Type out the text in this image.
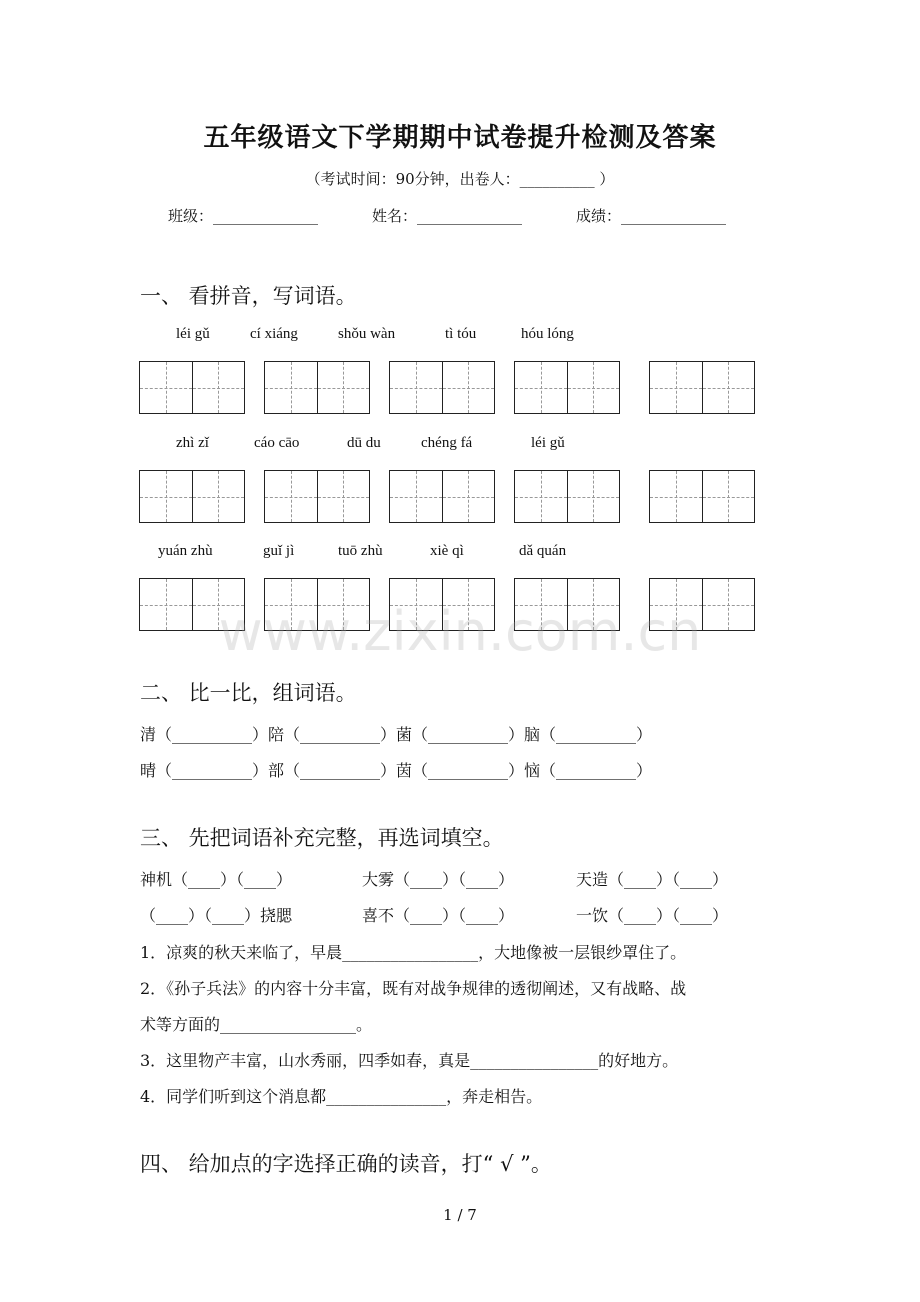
五年级语文下学期期中试卷提升检测及答案
（考试时间：90分钟，出卷人：__________ ）
班级：______________	姓名：______________	成绩：______________
一、 看拼音，写词语。
léi gǔ	cí xiáng	shǒu wàn	tì tóu	hóu lóng
zhì zǐ	cáo cāo	dū du	chéng fá	léi gǔ
yuán zhù	guǐ jì	tuō zhù	xiè qì	dǎ quán
www.zixin.com.cn
二、 比一比，组词语。
清（__________）陪（__________）菌（__________）脑（__________）
晴（__________）部（__________）茵（__________）恼（__________）
三、 先把词语补充完整，再选词填空。
神机（____）（____）	大雾（____）（____）	天造（____）（____）
（____）（____）挠腮	喜不（____）（____）	一饮（____）（____）
1．凉爽的秋天来临了，早晨_________________，大地像被一层银纱罩住了。
2．《孙子兵法》的内容十分丰富，既有对战争规律的透彻阐述，又有战略、战
术等方面的_________________。
3．这里物产丰富，山水秀丽，四季如春，真是________________的好地方。
4．同学们听到这个消息都_______________，奔走相告。
四、 给加点的字选择正确的读音，打“ √ ”。
1 / 7
